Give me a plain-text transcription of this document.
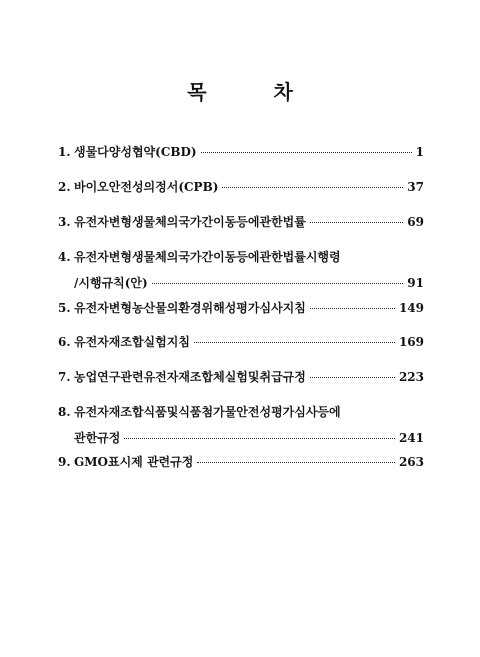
목 차
1. 생물다양성협약(CBD)	1
2. 바이오안전성의정서(CPB)	37
3. 유전자변형생물체의국가간이동등에관한법률	69
4. 유전자변형생물체의국가간이동등에관한법률시행령
/시행규칙(안)	91
5. 유전자변형농산물의환경위해성평가심사지침	149
6. 유전자재조합실험지침	169
7. 농업연구관련유전자재조합체실험및취급규정	223
8. 유전자재조합식품및식품첨가물안전성평가심사등에
관한규정	241
9. GMO표시제 관련규정	263
